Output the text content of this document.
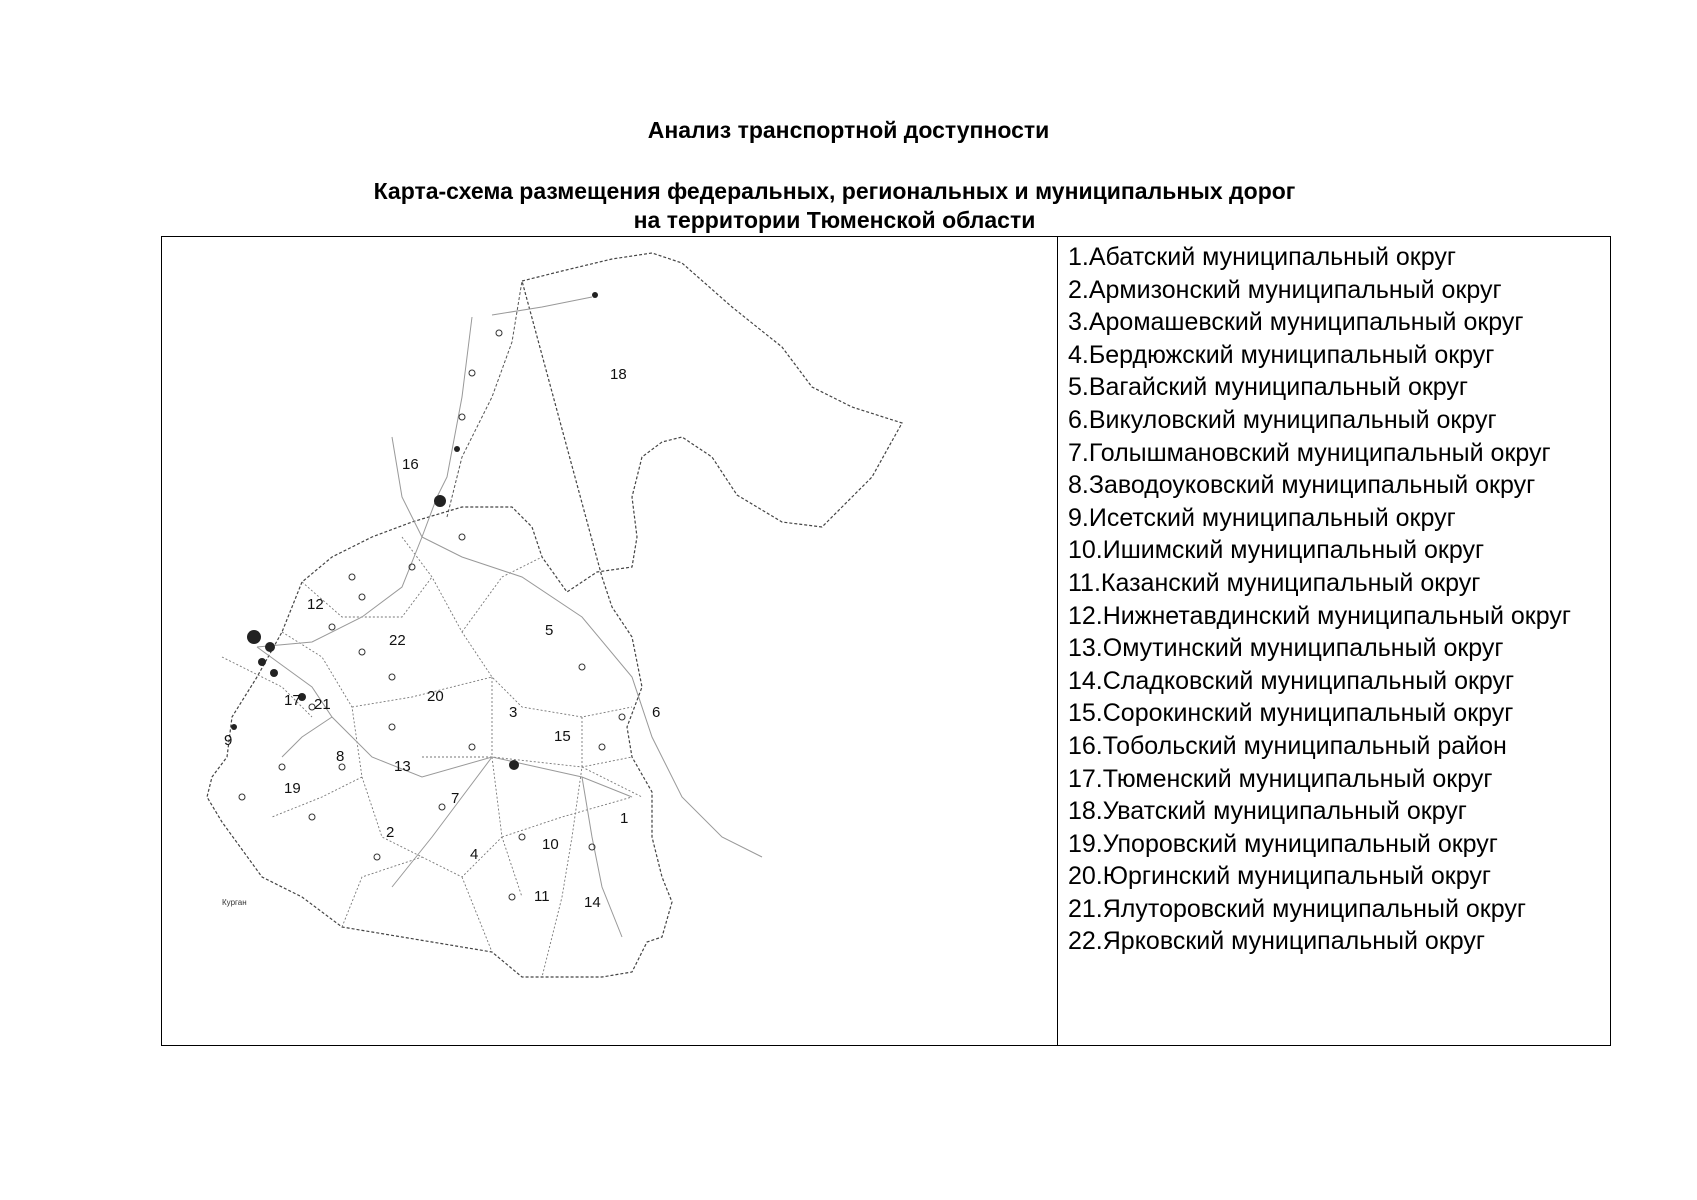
Анализ транспортной доступности
Карта-схема размещения федеральных, региональных и муниципальных дорог
на территории Тюменской области
1
2
3
4
5
6
7
8
9
10
11
12
13
14
15
16
17
18
19
20
21
22
Курган
1.Абатский муниципальный округ
2.Армизонский муниципальный округ
3.Аромашевский муниципальный округ
4.Бердюжский муниципальный округ
5.Вагайский муниципальный округ
6.Викуловский муниципальный округ
7.Голышмановский муниципальный округ
8.Заводоуковский муниципальный округ
9.Исетский муниципальный округ
10.Ишимский муниципальный округ
11.Казанский муниципальный округ
12.Нижнетавдинский муниципальный округ
13.Омутинский муниципальный округ
14.Сладковский муниципальный округ
15.Сорокинский муниципальный округ
16.Тобольский муниципальный район
17.Тюменский муниципальный округ
18.Уватский муниципальный округ
19.Упоровский муниципальный округ
20.Юргинский муниципальный округ
21.Ялуторовский муниципальный округ
22.Ярковский муниципальный округ
